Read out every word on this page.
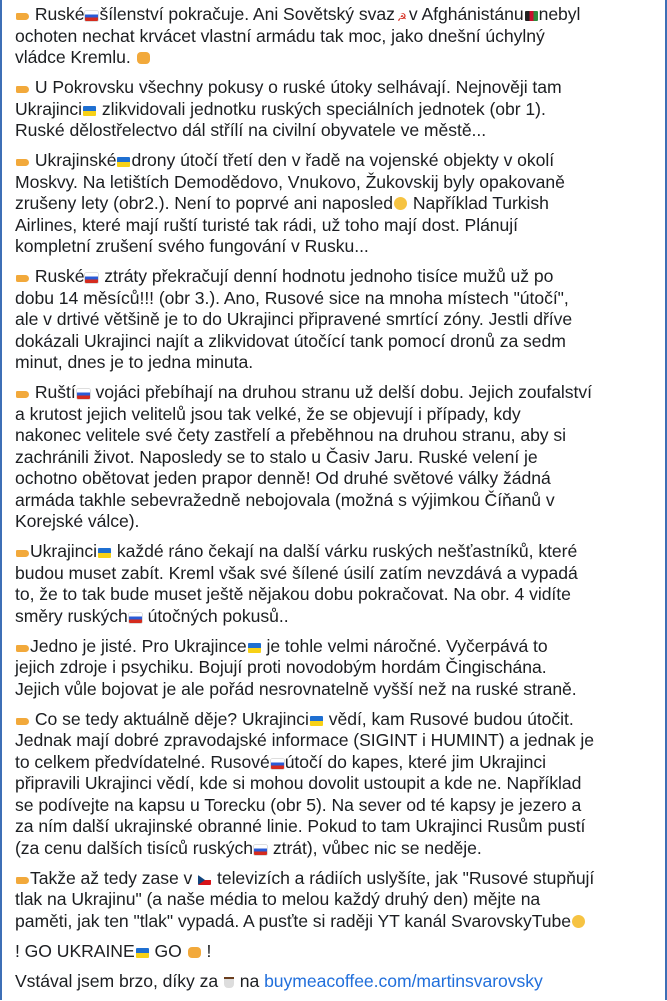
Ruské šílenství pokračuje. Ani Sovětský svaz ☭ v Afghánistánu nebyl
ochoten nechat krvácet vlastní armádu tak moc, jako dnešní úchylný
vládce Kremlu.
U Pokrovsku všechny pokusy o ruské útoky selhávají. Nejnověji tam
Ukrajinci zlikvidovali jednotku ruských speciálních jednotek (obr 1).
Ruské dělostřelectvo dál střílí na civilní obyvatele ve městě...
Ukrajinské drony útočí třetí den v řadě na vojenské objekty v okolí
Moskvy. Na letištích Demodědovo, Vnukovo, Žukovskij byly opakovaně
zrušeny lety (obr2.). Není to poprvé ani naposled Například Turkish
Airlines, které mají ruští turisté tak rádi, už toho mají dost. Plánují
kompletní zrušení svého fungování v Rusku...
Ruské ztráty překračují denní hodnotu jednoho tisíce mužů už po
dobu 14 měsíců!!! (obr 3.). Ano, Rusové sice na mnoha místech "útočí",
ale v drtivé většině je to do Ukrajinci připravené smrtící zóny. Jestli dříve
dokázali Ukrajinci najít a zlikvidovat útočící tank pomocí dronů za sedm
minut, dnes je to jedna minuta.
Ruští vojáci přebíhají na druhou stranu už delší dobu. Jejich zoufalství
a krutost jejich velitelů jsou tak velké, že se objevují i případy, kdy
nakonec velitele své čety zastřelí a přeběhnou na druhou stranu, aby si
zachránili život. Naposledy se to stalo u Časiv Jaru. Ruské velení je
ochotno obětovat jeden prapor denně! Od druhé světové války žádná
armáda takhle sebevražedně nebojovala (možná s výjimkou Číňanů v
Korejské válce).
Ukrajinci každé ráno čekají na další várku ruských nešťastníků, které
budou muset zabít. Kreml však své šílené úsilí zatím nevzdává a vypadá
to, že to tak bude muset ještě nějakou dobu pokračovat. Na obr. 4 vidíte
směry ruských útočných pokusů..
Jedno je jisté. Pro Ukrajince je tohle velmi náročné. Vyčerpává to
jejich zdroje i psychiku. Bojují proti novodobým hordám Čingischána.
Jejich vůle bojovat je ale pořád nesrovnatelně vyšší než na ruské straně.
Co se tedy aktuálně děje? Ukrajinci vědí, kam Rusové budou útočit.
Jednak mají dobré zpravodajské informace (SIGINT i HUMINT) a jednak je
to celkem předvídatelné. Rusové útočí do kapes, které jim Ukrajinci
připravili Ukrajinci vědí, kde si mohou dovolit ustoupit a kde ne. Například
se podívejte na kapsu u Torecku (obr 5). Na sever od té kapsy je jezero a
za ním další ukrajinské obranné linie. Pokud to tam Ukrajinci Rusům pustí
(za cenu dalších tisíců ruských ztrát), vůbec nic se neděje.
Takže až tedy zase v  televizích a rádiích uslyšíte, jak "Rusové stupňují
tlak na Ukrajinu" (a naše média to melou každý druhý den) mějte na
paměti, jak ten "tlak" vypadá. A pusťte si raději YT kanál SvarovskyTube
! GO UKRAINE GO  !
Vstával jsem brzo, díky za  na buymeacoffee.com/martinsvarovsky
